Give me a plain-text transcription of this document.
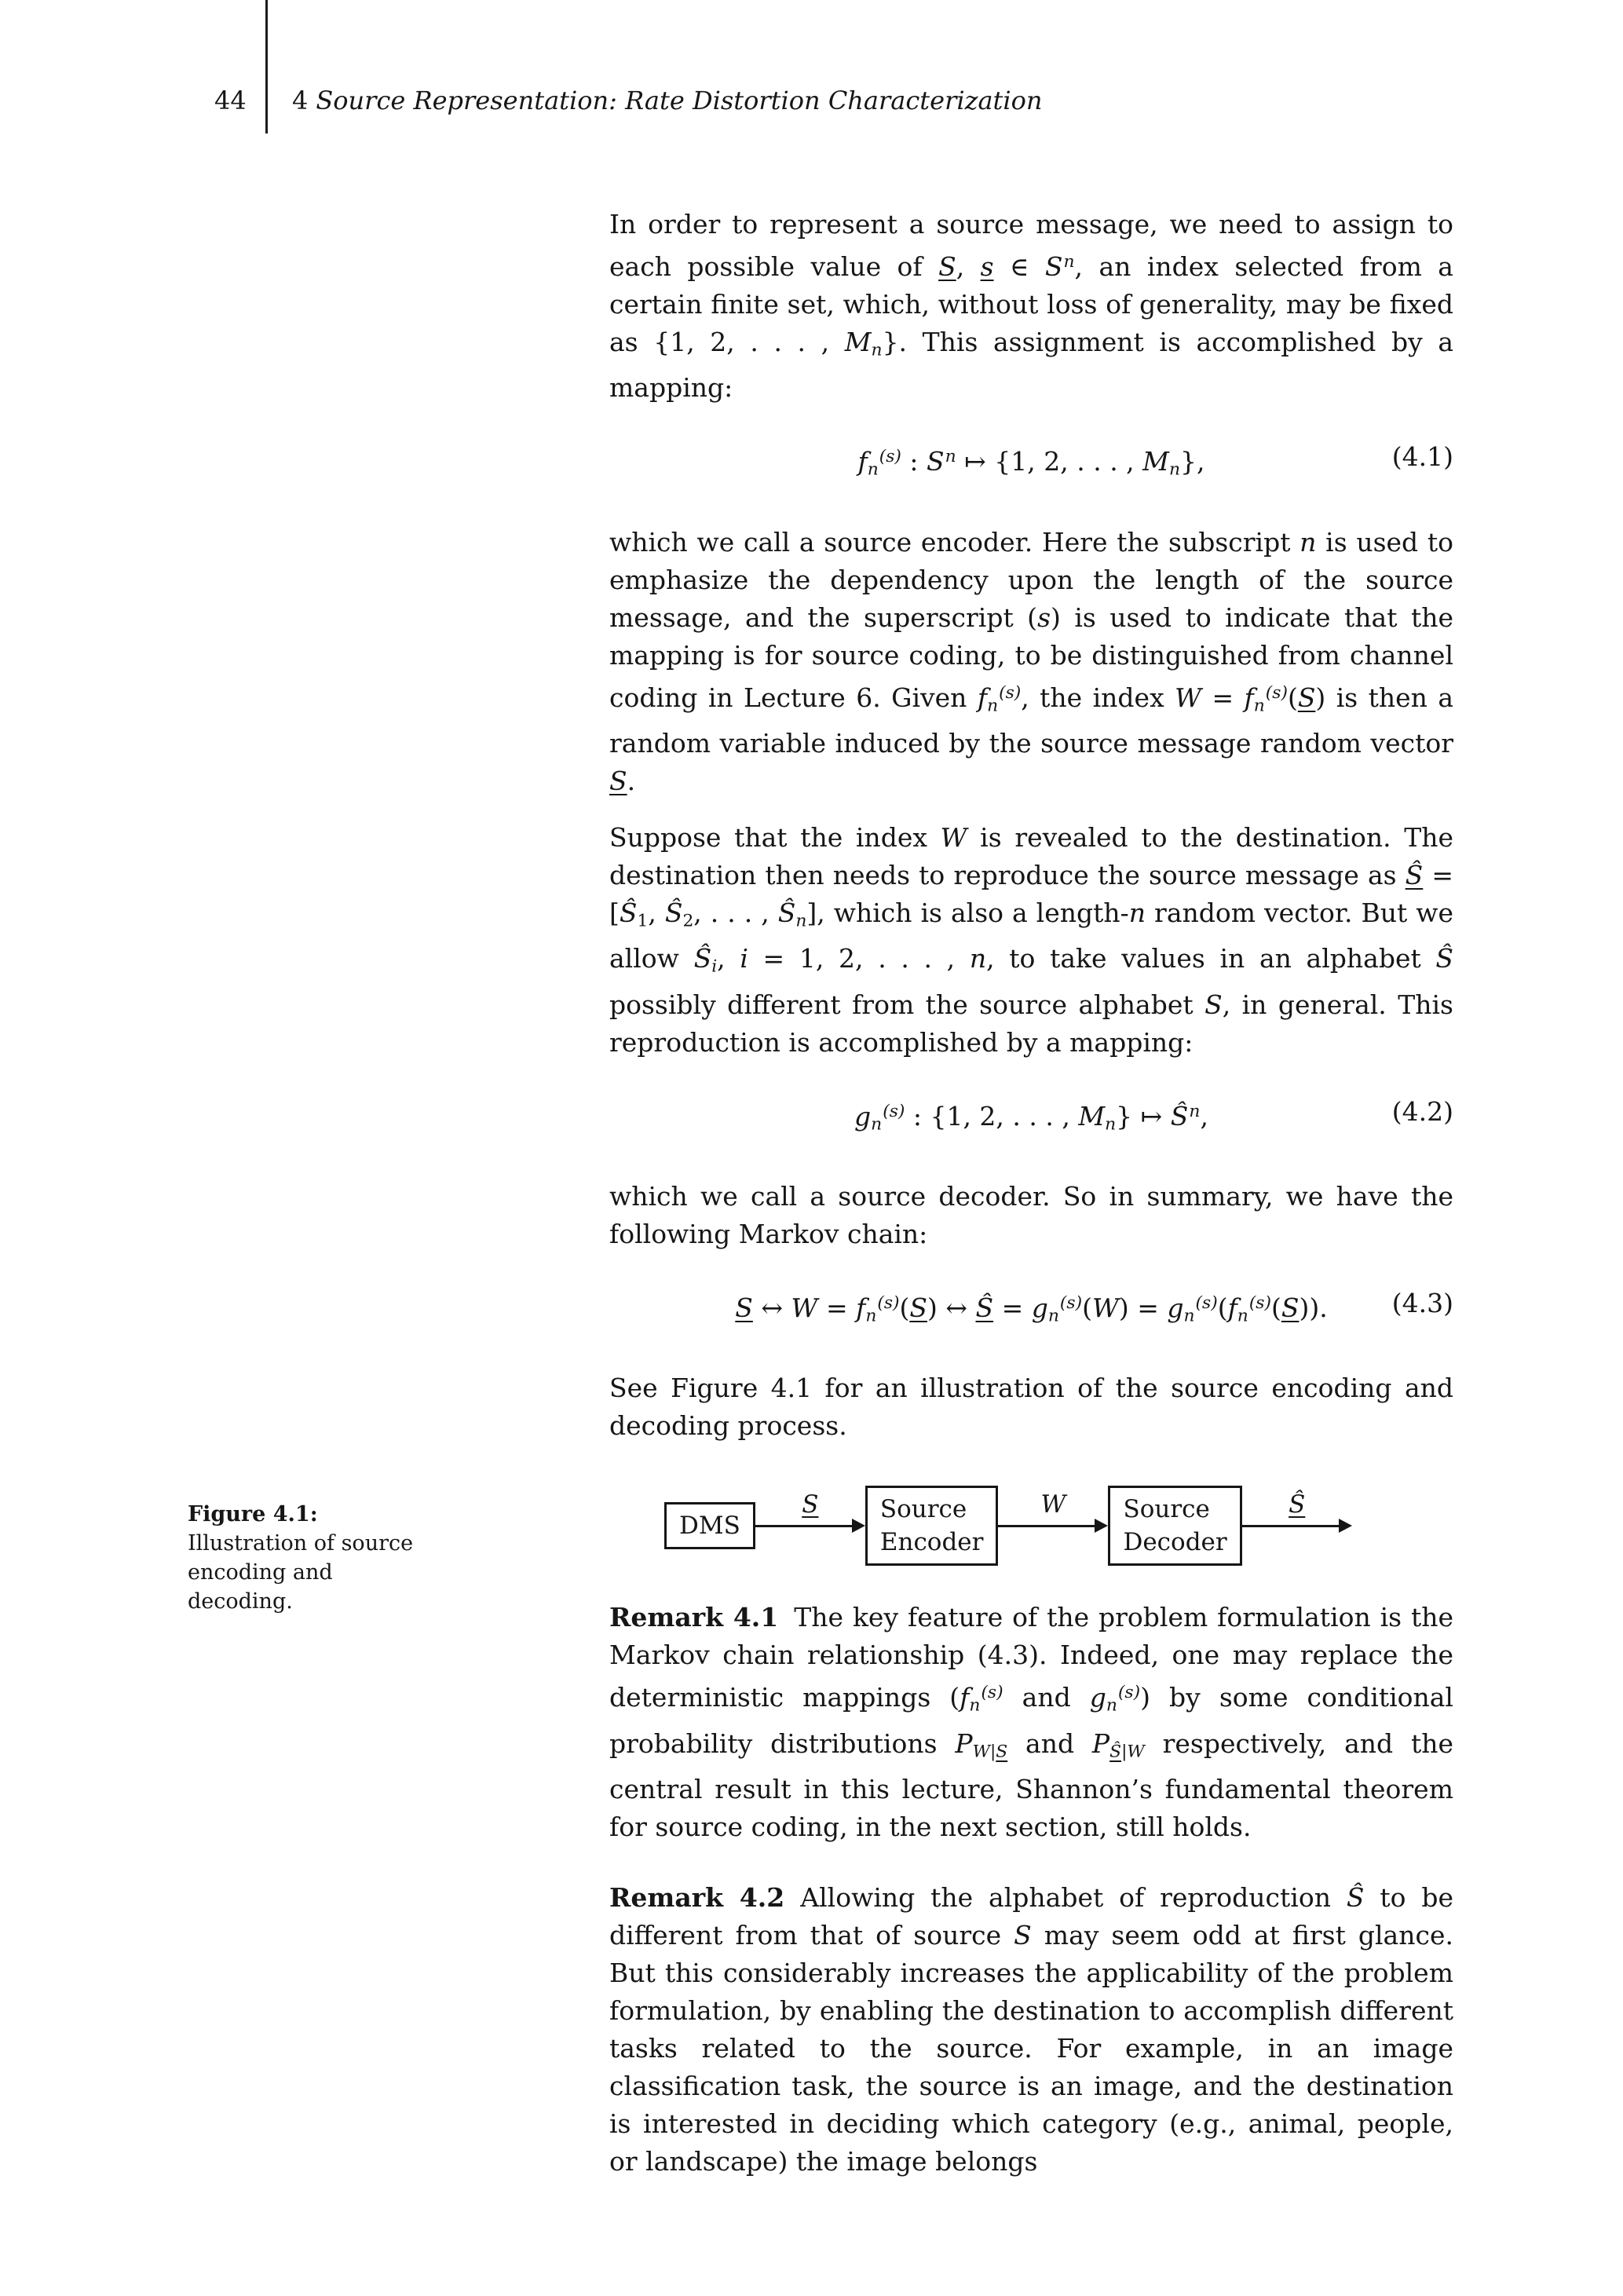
44 4 Source Representation: Rate Distortion Characterization

In order to represent a source message, we need to assign to each possible value of S, s ∈ $S^n$, an index selected from a certain finite set, which, without loss of generality, may be fixed as {1, 2, . . . , Mn}. This assignment is accomplished by a mapping:

$fn^{(s)}$ : $S^n$ ↦ {1, 2, . . . , Mn},	(4.1)

which we call a source encoder. Here the subscript n is used to emphasize the dependency upon the length of the source message, and the superscript (s) is used to indicate that the mapping is for source coding, to be distinguished from channel coding in Lecture 6. Given $fn^{(s)}$, the index $W = fn^{(s)}(S)$ is then a random variable induced by the source message random vector S.

Suppose that the index W is revealed to the destination. The destination then needs to reproduce the source message as Ŝ = [Ŝ1, Ŝ2, . . . , Ŝn], which is also a length-n random vector. But we allow Ŝi, i = 1, 2, . . . , n, to take values in an alphabet Ŝ possibly different from the source alphabet S, in general. This reproduction is accomplished by a mapping:

$gn^{(s)}$ : {1, 2, . . . , Mn} ↦ $Ŝ^n$,	(4.2)

which we call a source decoder. So in summary, we have the following Markov chain:

S ↔ $W = fn^{(s)}(S)$ ↔ Ŝ = $gn^{(s)}(W) = gn^{(s)}(fn^{(s)}(S))$. (4.3)

See Figure 4.1 for an illustration of the source encoding and decoding process.

Figure 4.1: Illustration of source encoding and decoding.
DMS
S	Source
Encoder
W	Source
Decoder
Ŝ

Remark 4.1 The key feature of the problem formulation is the Markov chain relationship (4.3). Indeed, one may replace the deterministic mappings ($fn^{(s)}$ and $gn^{(s)}$) by some conditional probability distributions PW|S and PŜ|W respectively, and the central result in this lecture, Shannon’s fundamental theorem for source coding, in the next section, still holds.

Remark 4.2 Allowing the alphabet of reproduction Ŝ to be different from that of source S may seem odd at first glance. But this considerably increases the applicability of the problem formulation, by enabling the destination to accomplish different tasks related to the source. For example, in an image classification task, the source is an image, and the destination is interested in deciding which category (e.g., animal, people, or landscape) the image belongs
